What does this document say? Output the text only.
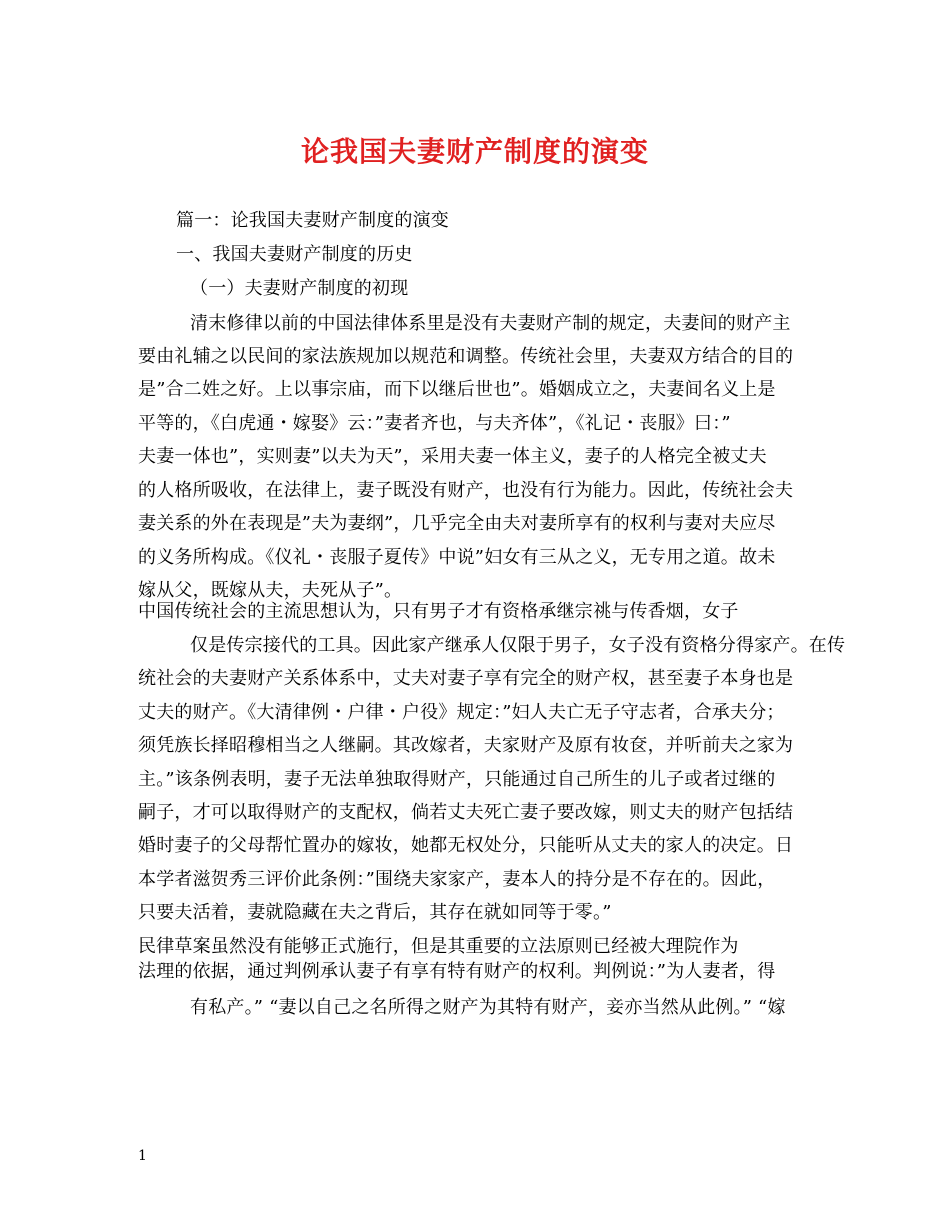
论我国夫妻财产制度的演变
篇一：论我国夫妻财产制度的演变
一、我国夫妻财产制度的历史
（一）夫妻财产制度的初现
清末修律以前的中国法律体系里是没有夫妻财产制的规定，夫妻间的财产主
要由礼辅之以民间的家法族规加以规范和调整。传统社会里，夫妻双方结合的目的
是”合二姓之好。上以事宗庙，而下以继后世也”。婚姻成立之，夫妻间名义上是
平等的，《白虎通・嫁娶》云：”妻者齐也，与夫齐体”，《礼记・丧服》曰：”
夫妻一体也”，实则妻”以夫为天”，采用夫妻一体主义，妻子的人格完全被丈夫
的人格所吸收，在法律上，妻子既没有财产，也没有行为能力。因此，传统社会夫
妻关系的外在表现是”夫为妻纲”，几乎完全由夫对妻所享有的权利与妻对夫应尽
的义务所构成。《仪礼・丧服子夏传》中说”妇女有三从之义，无专用之道。故未
嫁从父，既嫁从夫，夫死从子”。
中国传统社会的主流思想认为，只有男子才有资格承继宗祧与传香烟，女子
仅是传宗接代的工具。因此家产继承人仅限于男子，女子没有资格分得家产。在传
统社会的夫妻财产关系体系中，丈夫对妻子享有完全的财产权，甚至妻子本身也是
丈夫的财产。《大清律例・户律・户役》规定：”妇人夫亡无子守志者，合承夫分；
须凭族长择昭穆相当之人继嗣。其改嫁者，夫家财产及原有妆奁，并听前夫之家为
主。”该条例表明，妻子无法单独取得财产，只能通过自己所生的儿子或者过继的
嗣子，才可以取得财产的支配权，倘若丈夫死亡妻子要改嫁，则丈夫的财产包括结
婚时妻子的父母帮忙置办的嫁妆，她都无权处分，只能听从丈夫的家人的决定。日
本学者滋贺秀三评价此条例：”围绕夫家家产，妻本人的持分是不存在的。因此，
只要夫活着，妻就隐藏在夫之背后，其存在就如同等于零。”
民律草案虽然没有能够正式施行，但是其重要的立法原则已经被大理院作为
法理的依据，通过判例承认妻子有享有特有财产的权利。判例说：”为人妻者，得
有私产。” “妻以自己之名所得之财产为其特有财产，妾亦当然从此例。” “嫁
1
